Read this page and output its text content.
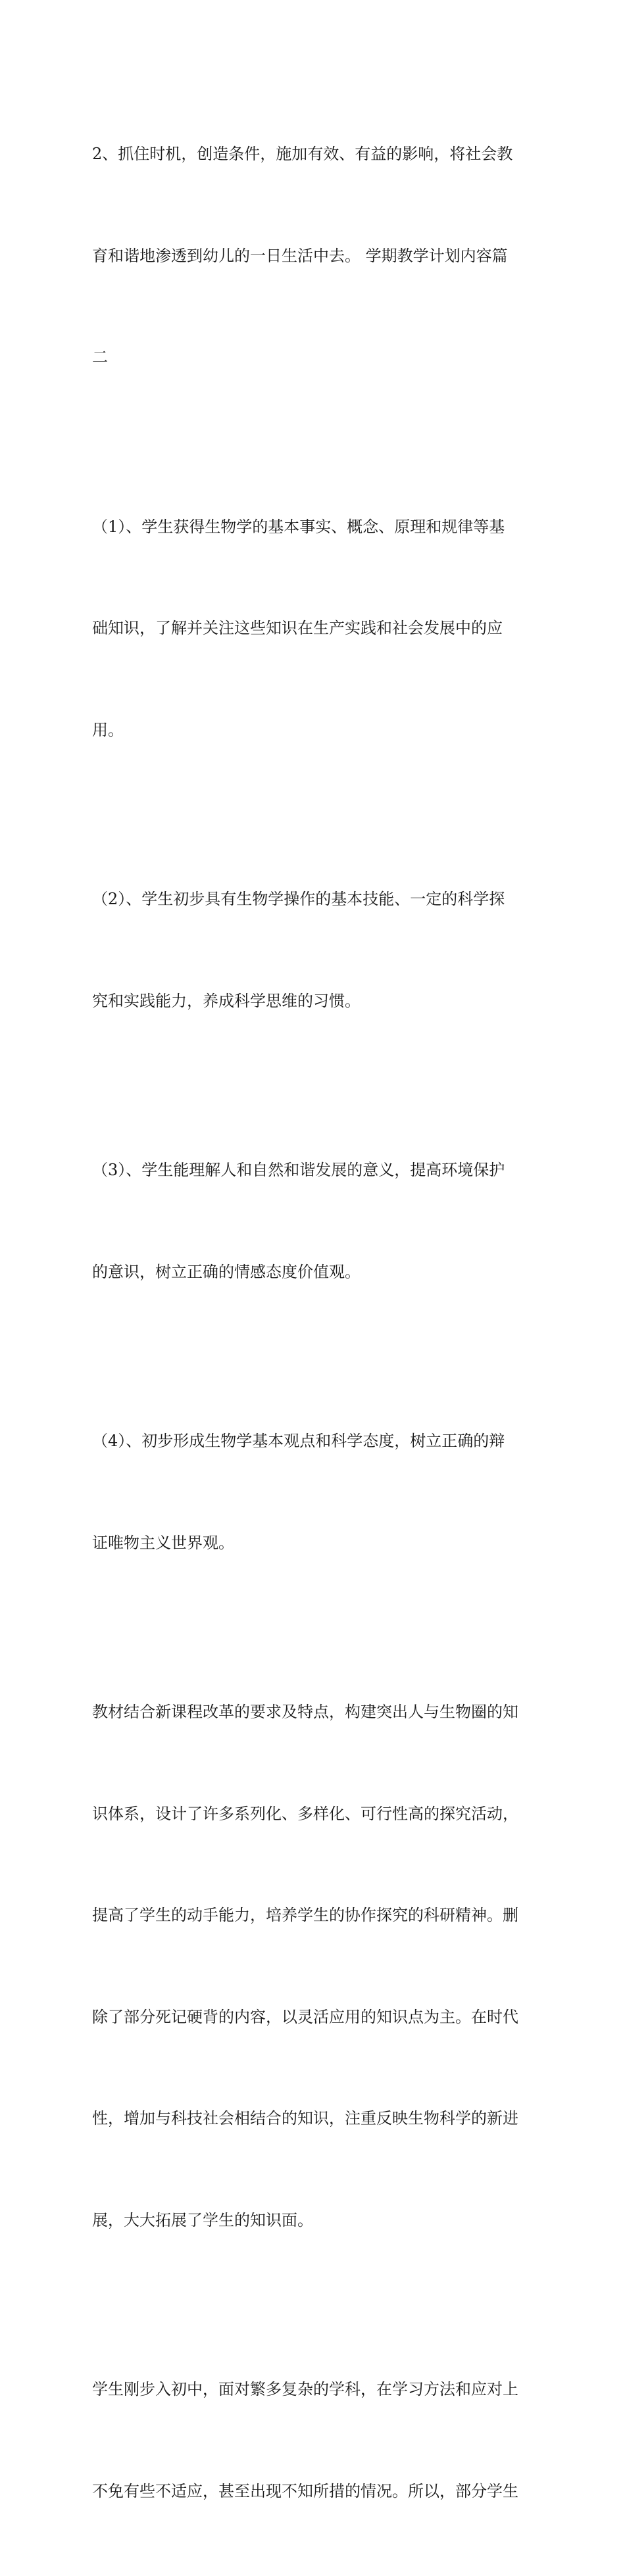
2、抓住时机，创造条件，施加有效、有益的影响，将社会教

育和谐地渗透到幼儿的一日生活中去。 学期教学计划内容篇

二

（1）、学生获得生物学的基本事实、概念、原理和规律等基

础知识，了解并关注这些知识在生产实践和社会发展中的应

用。

（2）、学生初步具有生物学操作的基本技能、一定的科学探

究和实践能力，养成科学思维的习惯。

（3）、学生能理解人和自然和谐发展的意义，提高环境保护

的意识，树立正确的情感态度价值观。

（4）、初步形成生物学基本观点和科学态度，树立正确的辩

证唯物主义世界观。

教材结合新课程改革的要求及特点，构建突出人与生物圈的知

识体系，设计了许多系列化、多样化、可行性高的探究活动，

提高了学生的动手能力，培养学生的协作探究的科研精神。删

除了部分死记硬背的内容，以灵活应用的知识点为主。在时代

性，增加与科技社会相结合的知识，注重反映生物科学的新进

展，大大拓展了学生的知识面。

学生刚步入初中，面对繁多复杂的学科，在学习方法和应对上

不免有些不适应，甚至出现不知所措的情况。所以，部分学生
